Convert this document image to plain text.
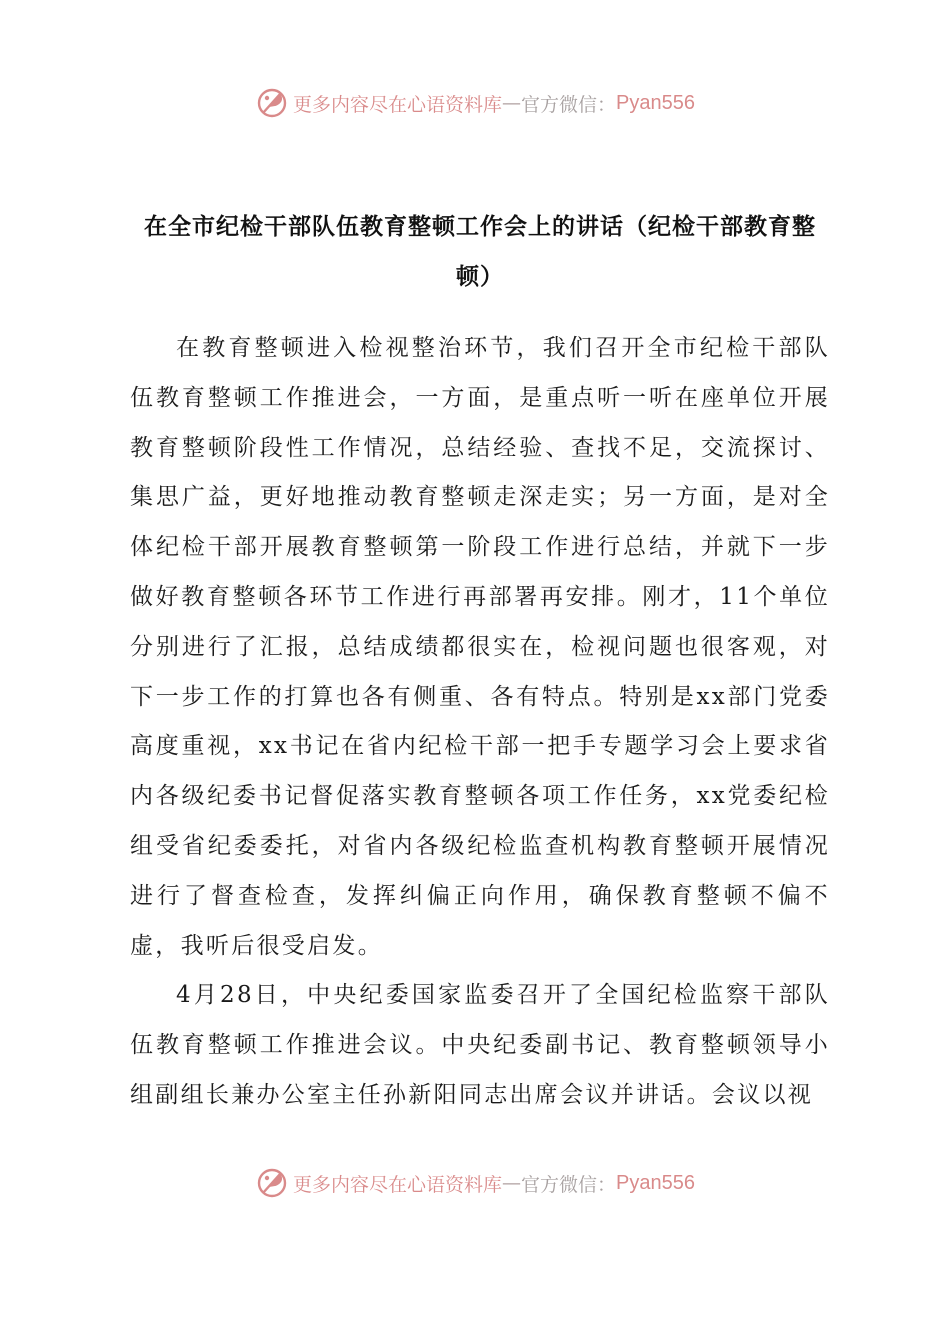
更多内容尽在心语资料库 — 官方微信： Pyan556
在全市纪检干部队伍教育整顿工作会上的讲话（纪检干部教育整顿）

在教育整顿进入检视整治环节，我们召开全市纪检干部队伍教育整顿工作推进会，一方面，是重点听一听在座单位开展教育整顿阶段性工作情况，总结经验、查找不足，交流探讨、集思广益，更好地推动教育整顿走深走实；另一方面，是对全体纪检干部开展教育整顿第一阶段工作进行总结，并就下一步做好教育整顿各环节工作进行再部署再安排。刚才，11个单位分别进行了汇报，总结成绩都很实在，检视问题也很客观，对下一步工作的打算也各有侧重、各有特点。特别是xx部门党委高度重视，xx书记在省内纪检干部一把手专题学习会上要求省内各级纪委书记督促落实教育整顿各项工作任务，xx党委纪检组受省纪委委托，对省内各级纪检监查机构教育整顿开展情况进行了督查检查，发挥纠偏正向作用，确保教育整顿不偏不虚，我听后很受启发。

4月28日，中央纪委国家监委召开了全国纪检监察干部队伍教育整顿工作推进会议。中央纪委副书记、教育整顿领导小组副组长兼办公室主任孙新阳同志出席会议并讲话。会议以视

更多内容尽在心语资料库 — 官方微信： Pyan556
